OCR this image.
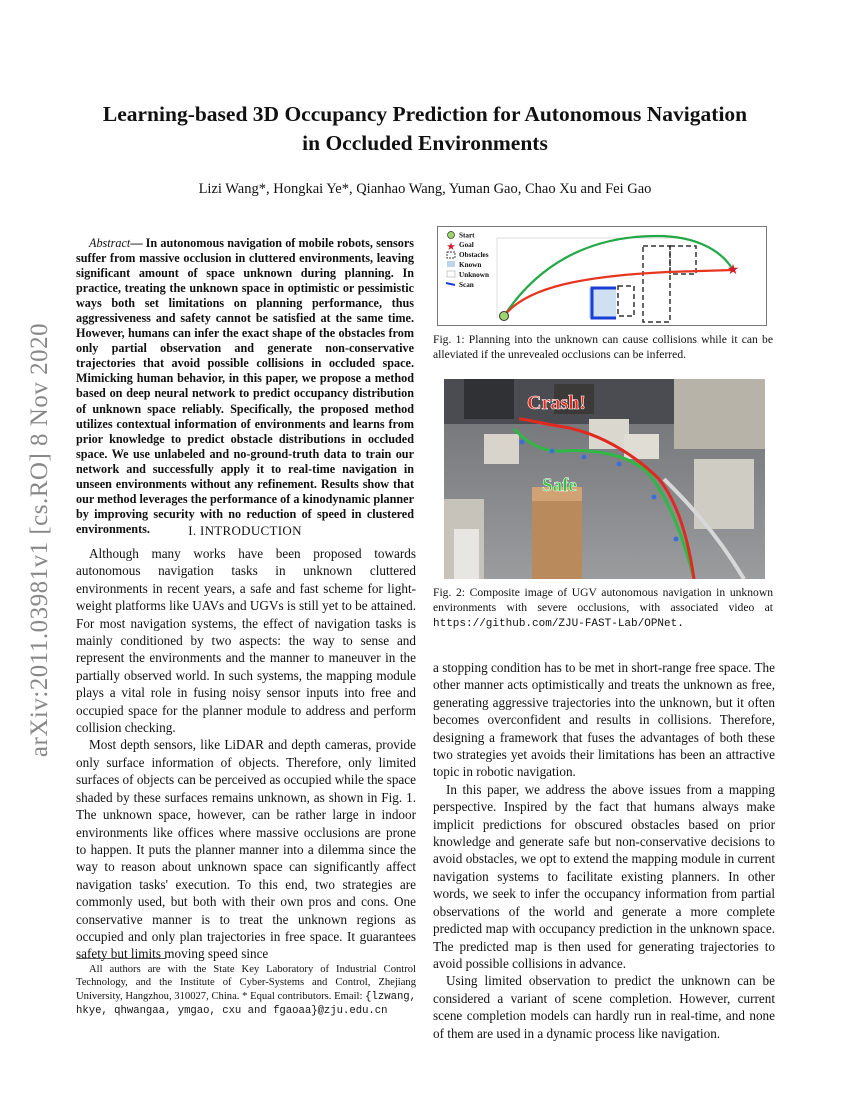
Learning-based 3D Occupancy Prediction for Autonomous Navigation
in Occluded Environments
Lizi Wang*, Hongkai Ye*, Qianhao Wang, Yuman Gao, Chao Xu and Fei Gao
arXiv:2011.03981v1 [cs.RO] 8 Nov 2020
Abstract— In autonomous navigation of mobile robots, sensors suffer from massive occlusion in cluttered environments, leaving significant amount of space unknown during planning. In practice, treating the unknown space in optimistic or pessimistic ways both set limitations on planning performance, thus aggressiveness and safety cannot be satisfied at the same time. However, humans can infer the exact shape of the obstacles from only partial observation and generate non-conservative trajectories that avoid possible collisions in occluded space. Mimicking human behavior, in this paper, we propose a method based on deep neural network to predict occupancy distribution of unknown space reliably. Specifically, the proposed method utilizes contextual information of environments and learns from prior knowledge to predict obstacle distributions in occluded space. We use unlabeled and no-ground-truth data to train our network and successfully apply it to real-time navigation in unseen environments without any refinement. Results show that our method leverages the performance of a kinodynamic planner by improving security with no reduction of speed in clustered environments.	I. INTRODUCTION

Although many works have been proposed towards autonomous navigation tasks in unknown cluttered environments in recent years, a safe and fast scheme for light-weight platforms like UAVs and UGVs is still yet to be attained. For most navigation systems, the effect of navigation tasks is mainly conditioned by two aspects: the way to sense and represent the environments and the manner to maneuver in the partially observed world. In such systems, the mapping module plays a vital role in fusing noisy sensor inputs into free and occupied space for the planner module to address and perform collision checking.

Most depth sensors, like LiDAR and depth cameras, provide only surface information of objects. Therefore, only limited surfaces of objects can be perceived as occupied while the space shaded by these surfaces remains unknown, as shown in Fig. 1. The unknown space, however, can be rather large in indoor environments like offices where massive occlusions are prone to happen. It puts the planner manner into a dilemma since the way to reason about unknown space can significantly affect navigation tasks' execution. To this end, two strategies are commonly used, but both with their own pros and cons. One conservative manner is to treat the unknown regions as occupied and only plan trajectories in free space. It guarantees safety but limits moving speed since

All authors are with the State Key Laboratory of Industrial Control Technology, and the Institute of Cyber-Systems and Control, Zhejiang University, Hangzhou, 310027, China. * Equal contributors. Email: {lzwang, hkye, qhwangaa, ymgao, cxu and fgaoaa}@zju.edu.cn
★
Start
★ Goal
Obstacles
Known
Unknown
Scan
Fig. 1: Planning into the unknown can cause collisions while it can be alleviated if the unrevealed occlusions can be inferred.
Crash!
Safe
Fig. 2: Composite image of UGV autonomous navigation in unknown environments with severe occlusions, with associated video at https://github.com/ZJU-FAST-Lab/OPNet.

a stopping condition has to be met in short-range free space. The other manner acts optimistically and treats the unknown as free, generating aggressive trajectories into the unknown, but it often becomes overconfident and results in collisions. Therefore, designing a framework that fuses the advantages of both these two strategies yet avoids their limitations has been an attractive topic in robotic navigation.

In this paper, we address the above issues from a mapping perspective. Inspired by the fact that humans always make implicit predictions for obscured obstacles based on prior knowledge and generate safe but non-conservative decisions to avoid obstacles, we opt to extend the mapping module in current navigation systems to facilitate existing planners. In other words, we seek to infer the occupancy information from partial observations of the world and generate a more complete predicted map with occupancy prediction in the unknown space. The predicted map is then used for generating trajectories to avoid possible collisions in advance.

Using limited observation to predict the unknown can be considered a variant of scene completion. However, current scene completion models can hardly run in real-time, and none of them are used in a dynamic process like navigation.
